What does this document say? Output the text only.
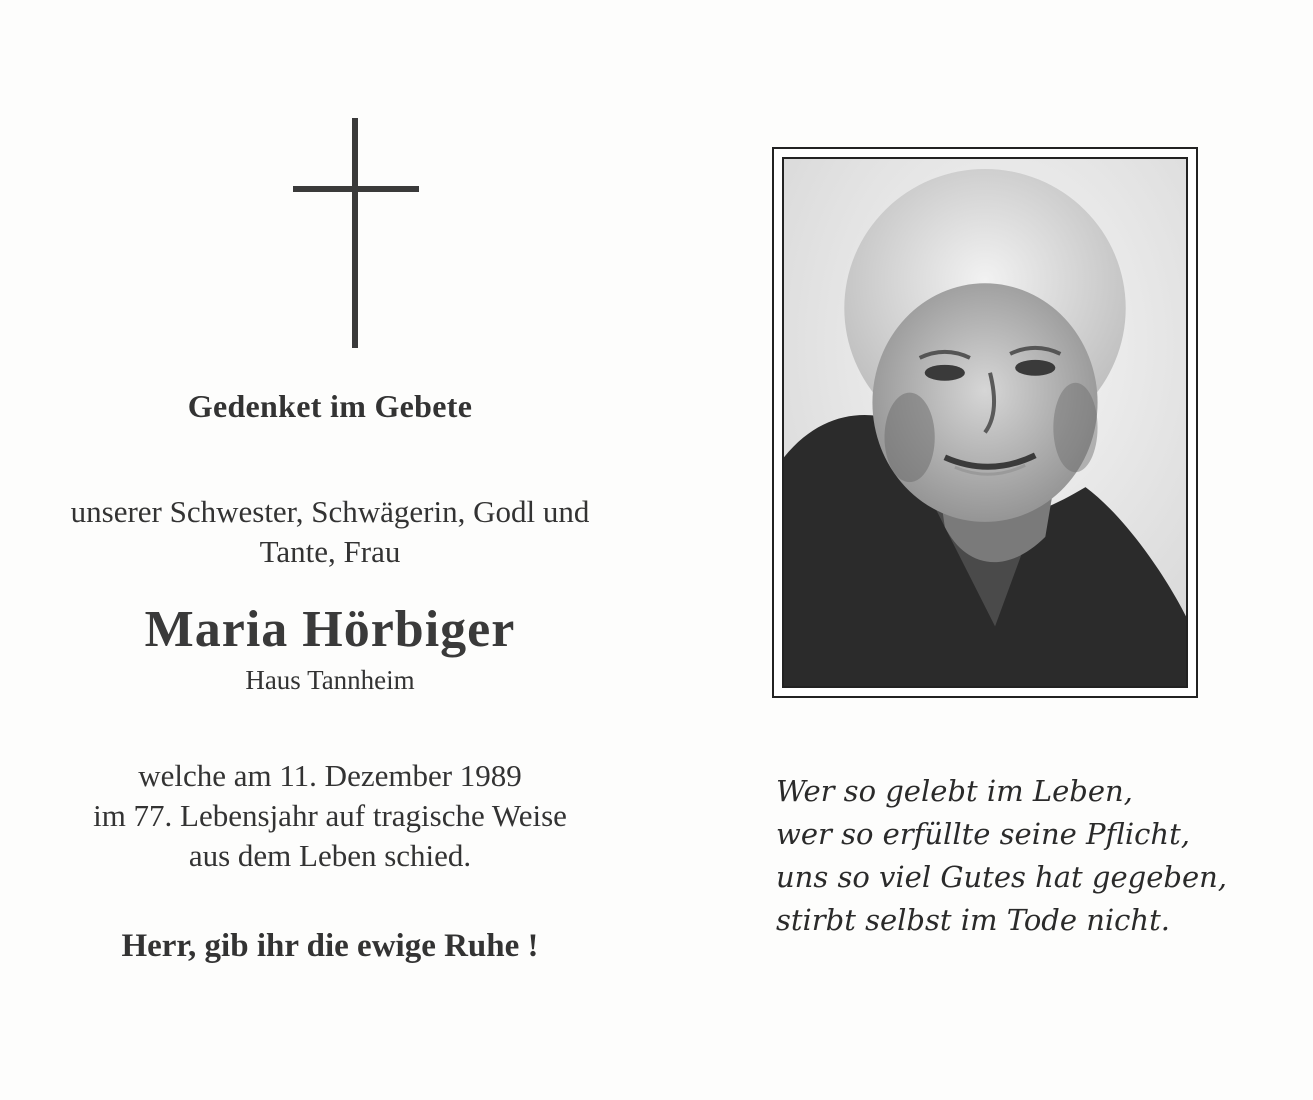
Gedenket im Gebete
unserer Schwester, Schwägerin, Godl und
Tante, Frau
Maria Hörbiger
Haus Tannheim
welche am 11. Dezember 1989
im 77. Lebensjahr auf tragische Weise
aus dem Leben schied.
Herr, gib ihr die ewige Ruhe !
Wer so gelebt im Leben,
wer so erfüllte seine Pflicht,
uns so viel Gutes hat gegeben,
stirbt selbst im Tode nicht.
